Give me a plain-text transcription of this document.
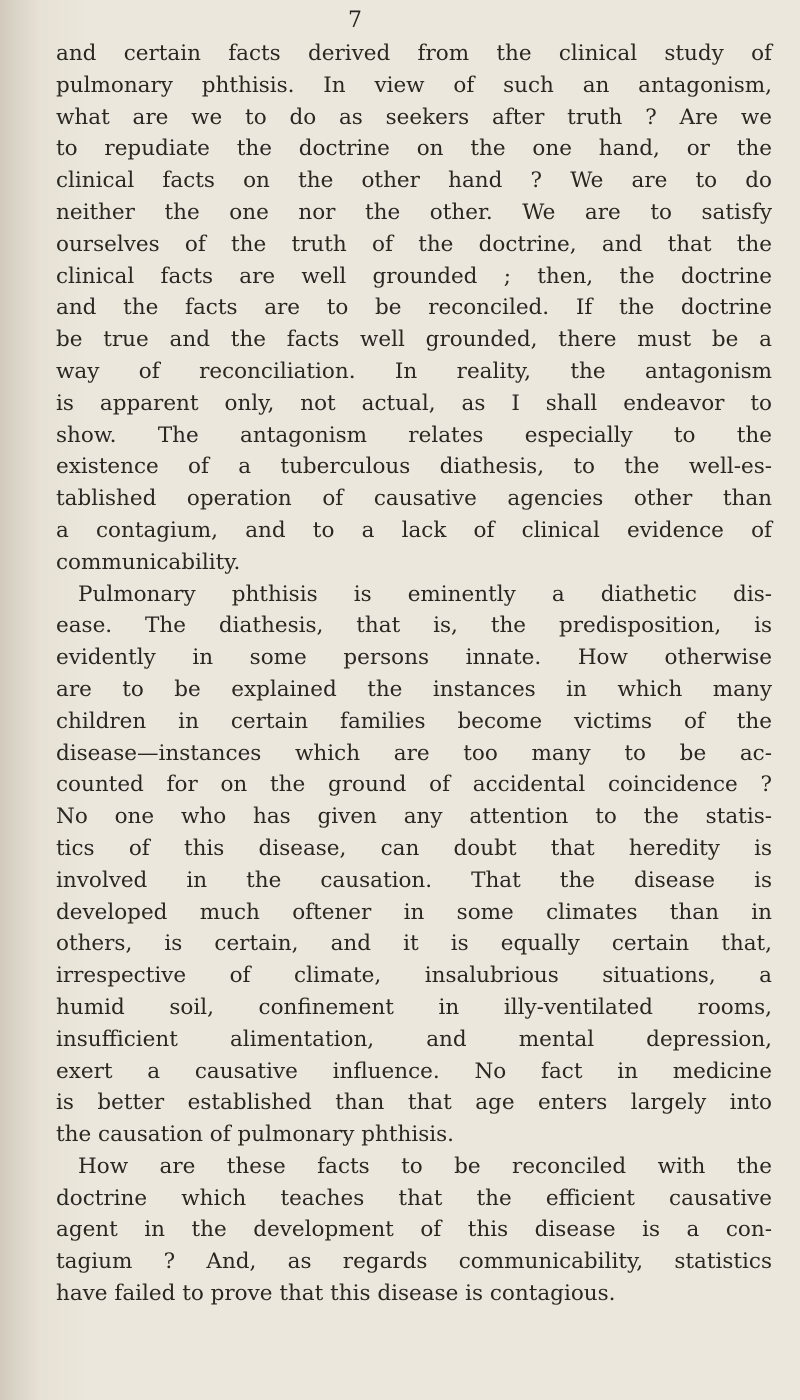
7
and certain facts derived from the clinical study of
pulmonary phthisis. In view of such an antagonism,
what are we to do as seekers after truth ? Are we
to repudiate the doctrine on the one hand, or the
clinical facts on the other hand ? We are to do
neither the one nor the other. We are to satisfy
ourselves of the truth of the doctrine, and that the
clinical facts are well grounded ; then, the doctrine
and the facts are to be reconciled. If the doctrine
be true and the facts well grounded, there must be a
way of reconciliation. In reality, the antagonism
is apparent only, not actual, as I shall endeavor to
show. The antagonism relates especially to the
existence of a tuberculous diathesis, to the well-es-
tablished operation of causative agencies other than
a contagium, and to a lack of clinical evidence of
communicability.
Pulmonary phthisis is eminently a diathetic dis-
ease. The diathesis, that is, the predisposition, is
evidently in some persons innate. How otherwise
are to be explained the instances in which many
children in certain families become victims of the
disease—instances which are too many to be ac-
counted for on the ground of accidental coincidence ?
No one who has given any attention to the statis-
tics of this disease, can doubt that heredity is
involved in the causation. That the disease is
developed much oftener in some climates than in
others, is certain, and it is equally certain that,
irrespective of climate, insalubrious situations, a
humid soil, confinement in illy-ventilated rooms,
insufficient alimentation, and mental depression,
exert a causative influence. No fact in medicine
is better established than that age enters largely into
the causation of pulmonary phthisis.
How are these facts to be reconciled with the
doctrine which teaches that the efficient causative
agent in the development of this disease is a con-
tagium ? And, as regards communicability, statistics
have failed to prove that this disease is contagious.
